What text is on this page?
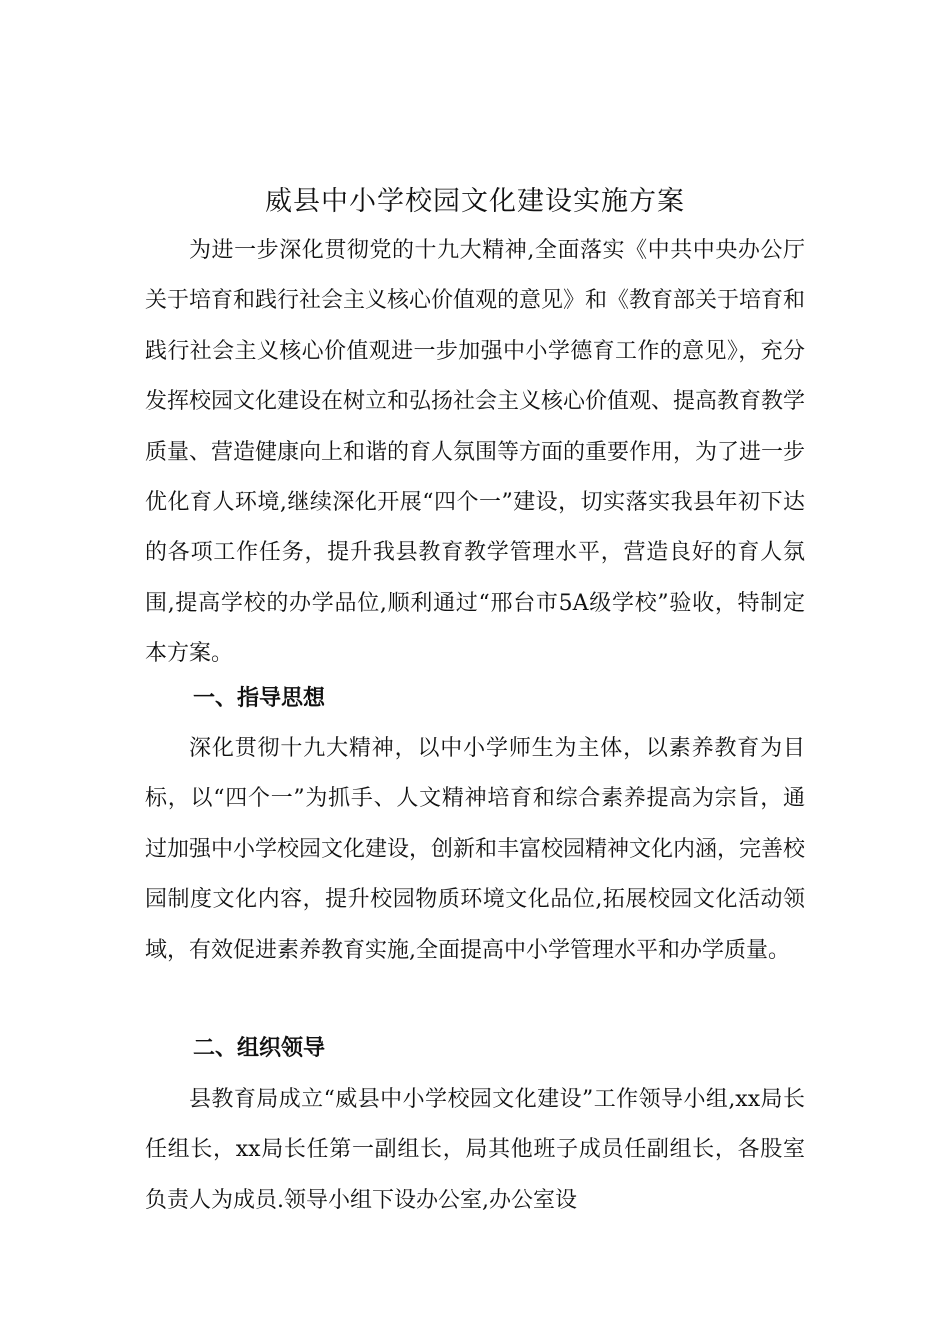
威县中小学校园文化建设实施方案

为进一步深化贯彻党的十九大精神,全面落实《中共中央办公厅关于培育和践行社会主义核心价值观的意见》和《教育部关于培育和践行社会主义核心价值观进一步加强中小学德育工作的意见》，充分发挥校园文化建设在树立和弘扬社会主义核心价值观、提高教育教学质量、营造健康向上和谐的育人氛围等方面的重要作用，为了进一步优化育人环境,继续深化开展“四个一”建设，切实落实我县年初下达的各项工作任务，提升我县教育教学管理水平，营造良好的育人氛围,提高学校的办学品位,顺利通过“邢台市5A级学校”验收，特制定本方案。

一、指导思想

深化贯彻十九大精神，以中小学师生为主体，以素养教育为目标，以“四个一”为抓手、人文精神培育和综合素养提高为宗旨，通过加强中小学校园文化建设，创新和丰富校园精神文化内涵，完善校园制度文化内容，提升校园物质环境文化品位,拓展校园文化活动领域，有效促进素养教育实施,全面提高中小学管理水平和办学质量。

二、组织领导

县教育局成立“威县中小学校园文化建设”工作领导小组,xx局长任组长，xx局长任第一副组长，局其他班子成员任副组长，各股室负责人为成员.领导小组下设办公室,办公室设
